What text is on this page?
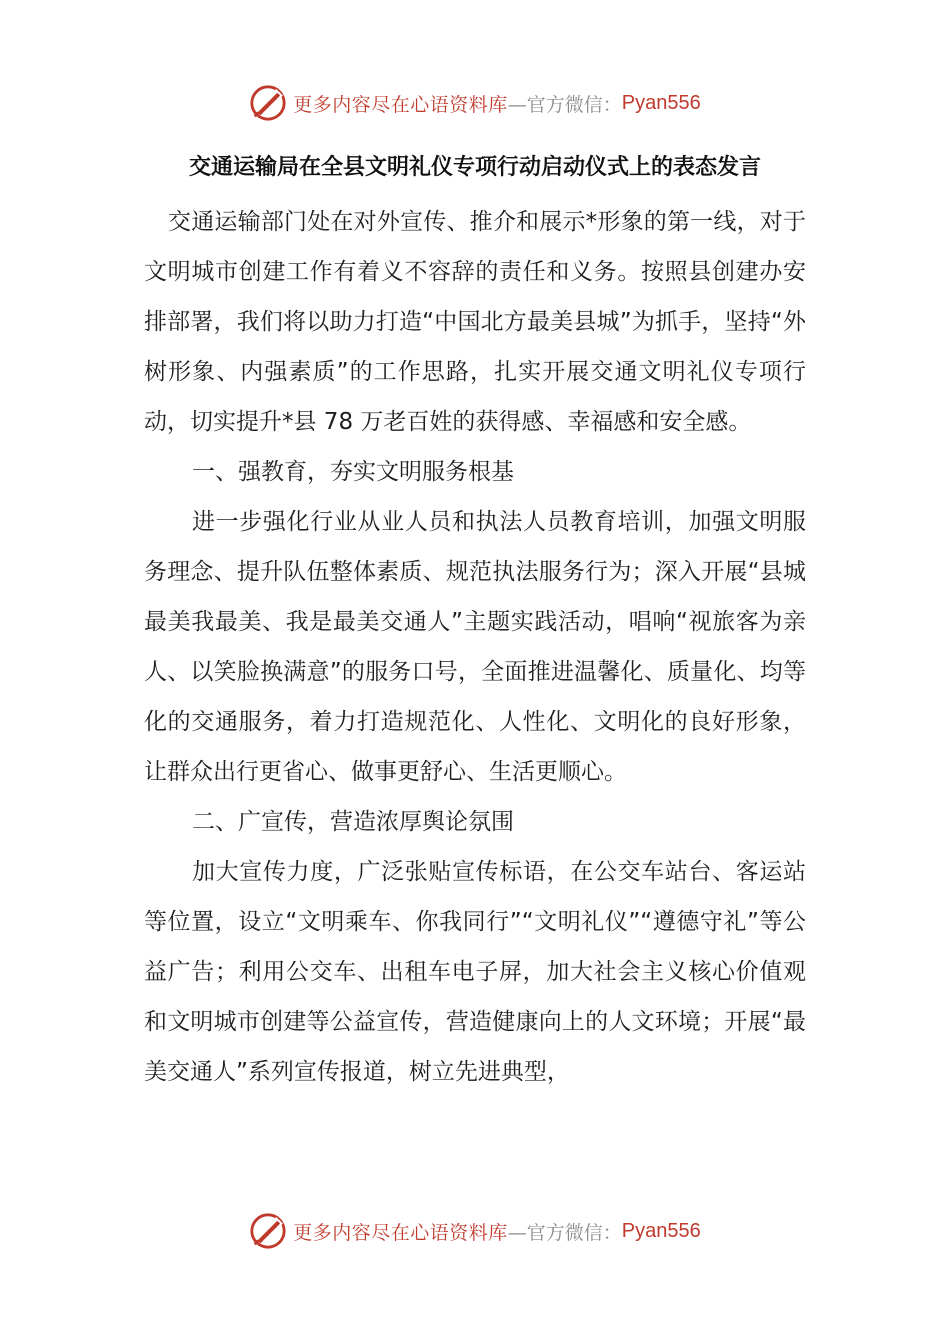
更多内容尽在心语资料库 —官方微信： Pyan556
交通运输局在全县文明礼仪专项行动启动仪式上的表态发言

交通运输部门处在对外宣传、推介和展示*形象的第一线，对于文明城市创建工作有着义不容辞的责任和义务。按照县创建办安排部署，我们将以助力打造“中国北方最美县城”为抓手，坚持“外树形象、内强素质”的工作思路，扎实开展交通文明礼仪专项行动，切实提升*县 78 万老百姓的获得感、幸福感和安全感。

一、强教育，夯实文明服务根基

进一步强化行业从业人员和执法人员教育培训，加强文明服务理念、提升队伍整体素质、规范执法服务行为；深入开展“县城最美我最美、我是最美交通人”主题实践活动，唱响“视旅客为亲人、以笑脸换满意”的服务口号，全面推进温馨化、质量化、均等化的交通服务，着力打造规范化、人性化、文明化的良好形象，让群众出行更省心、做事更舒心、生活更顺心。

二、广宣传，营造浓厚舆论氛围

加大宣传力度，广泛张贴宣传标语，在公交车站台、客运站等位置，设立“文明乘车、你我同行”“文明礼仪”“遵德守礼”等公益广告；利用公交车、出租车电子屏，加大社会主义核心价值观和文明城市创建等公益宣传，营造健康向上的人文环境；开展“最美交通人”系列宣传报道，树立先进典型，

更多内容尽在心语资料库 —官方微信： Pyan556
